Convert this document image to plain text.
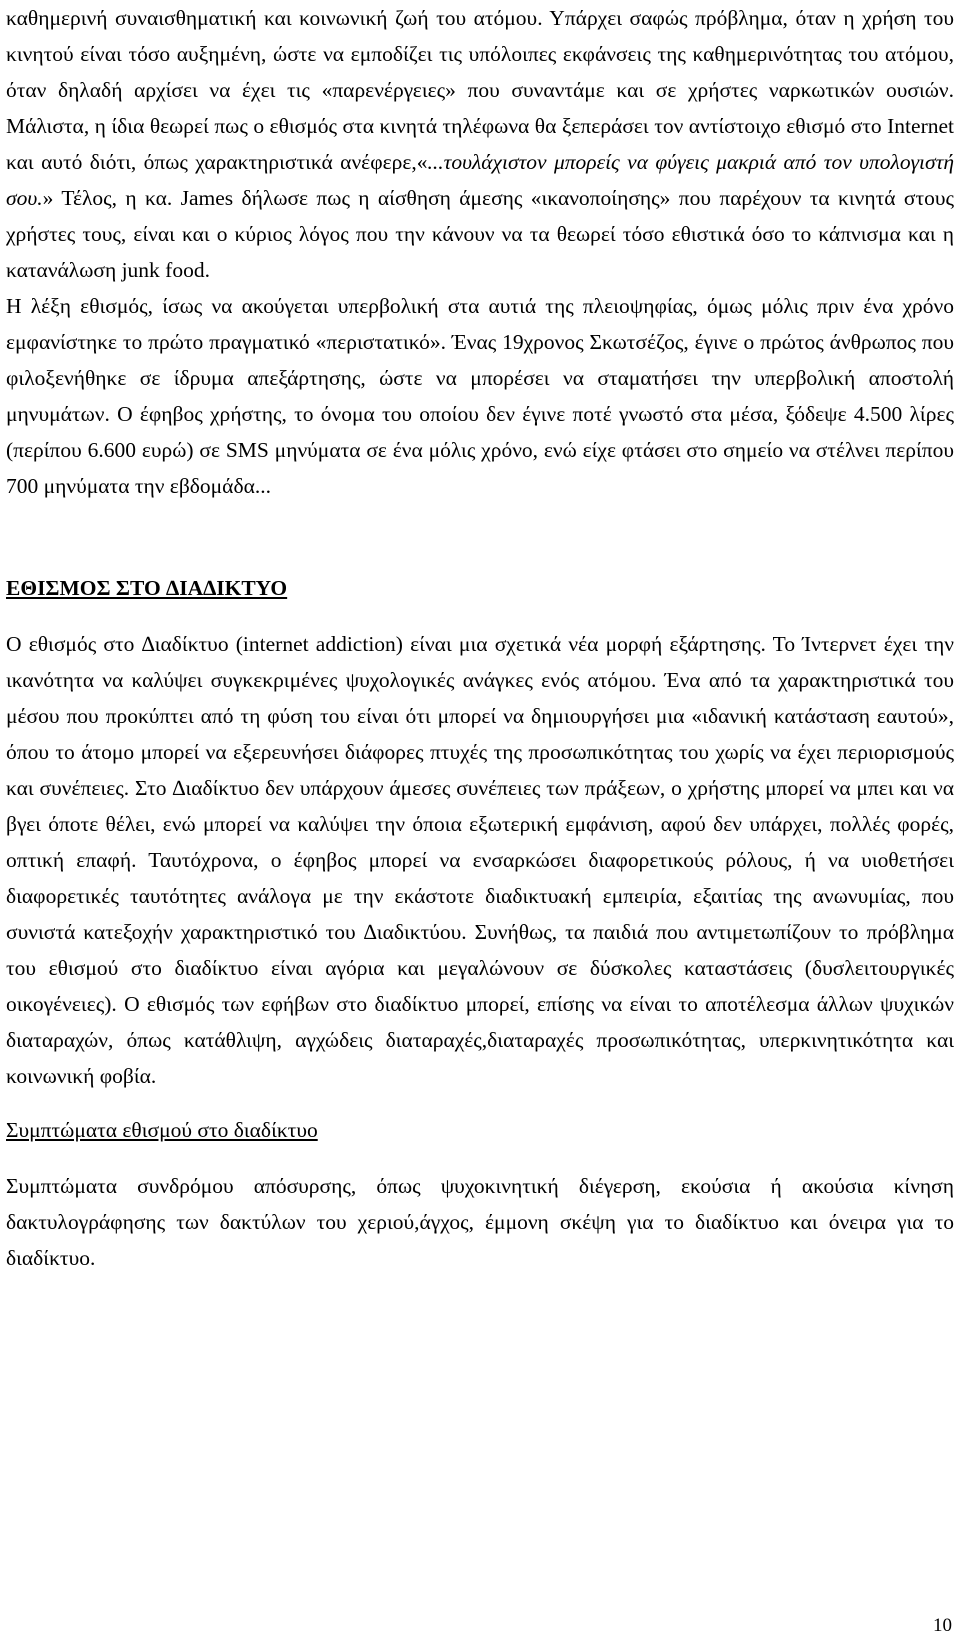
καθημερινή συναισθηματική και κοινωνική ζωή του ατόμου. Υπάρχει σαφώς πρόβλημα, όταν η χρήση του κινητού είναι τόσο αυξημένη, ώστε να εμποδίζει τις υπόλοιπες εκφάνσεις της καθημερινότητας του ατόμου, όταν δηλαδή αρχίσει να έχει τις «παρενέργειες» που συναντάμε και σε χρήστες ναρκωτικών ουσιών. Μάλιστα, η ίδια θεωρεί πως ο εθισμός στα κινητά τηλέφωνα θα ξεπεράσει τον αντίστοιχο εθισμό στο Internet και αυτό διότι, όπως χαρακτηριστικά ανέφερε,«...τουλάχιστον μπορείς να φύγεις μακριά από τον υπολογιστή σου.» Τέλος, η κα. James δήλωσε πως η αίσθηση άμεσης «ικανοποίησης» που παρέχουν τα κινητά στους χρήστες τους, είναι και ο κύριος λόγος που την κάνουν να τα θεωρεί τόσο εθιστικά όσο το κάπνισμα και η κατανάλωση junk food.

Η λέξη εθισμός, ίσως να ακούγεται υπερβολική στα αυτιά της πλειοψηφίας, όμως μόλις πριν ένα χρόνο εμφανίστηκε το πρώτο πραγματικό «περιστατικό». Ένας 19χρονος Σκωτσέζος, έγινε ο πρώτος άνθρωπος που φιλοξενήθηκε σε ίδρυμα απεξάρτησης, ώστε να μπορέσει να σταματήσει την υπερβολική αποστολή μηνυμάτων. Ο έφηβος χρήστης, το όνομα του οποίου δεν έγινε ποτέ γνωστό στα μέσα, ξόδεψε 4.500 λίρες (περίπου 6.600 ευρώ) σε SMS μηνύματα σε ένα μόλις χρόνο, ενώ είχε φτάσει στο σημείο να στέλνει περίπου 700 μηνύματα την εβδομάδα...

ΕΘΙΣΜΟΣ ΣΤΟ ∆ΙΑ∆ΙΚΤΥΟ

Ο εθισμός στο ∆ιαδίκτυο (internet addiction) είναι μια σχετικά νέα μορφή εξάρτησης. Το Ίντερνετ έχει την ικανότητα να καλύψει συγκεκριμένες ψυχολογικές ανάγκες ενός ατόμου. Ένα από τα χαρακτηριστικά του μέσου που προκύπτει από τη φύση του είναι ότι μπορεί να δημιουργήσει μια «ιδανική κατάσταση εαυτού», όπου το άτομο μπορεί να εξερευνήσει διάφορες πτυχές της προσωπικότητας του χωρίς να έχει περιορισμούς και συνέπειες. Στο ∆ιαδίκτυο δεν υπάρχουν άμεσες συνέπειες των πράξεων, ο χρήστης μπορεί να μπει και να βγει όποτε θέλει, ενώ μπορεί να καλύψει την όποια εξωτερική εμφάνιση, αφού δεν υπάρχει, πολλές φορές, οπτική επαφή. Ταυτόχρονα, ο έφηβος μπορεί να ενσαρκώσει διαφορετικούς ρόλους, ή να υιοθετήσει διαφορετικές ταυτότητες ανάλογα με την εκάστοτε διαδικτυακή εμπειρία, εξαιτίας της ανωνυμίας, που συνιστά κατεξοχήν χαρακτηριστικό του ∆ιαδικτύου. Συνήθως, τα παιδιά που αντιμετωπίζουν το πρόβλημα του εθισμού στο διαδίκτυο είναι αγόρια και μεγαλώνουν σε δύσκολες καταστάσεις (δυσλειτουργικές οικογένειες). Ο εθισμός των εφήβων στο διαδίκτυο μπορεί, επίσης να είναι το αποτέλεσμα άλλων ψυχικών διαταραχών, όπως κατάθλιψη, αγχώδεις διαταραχές,διαταραχές προσωπικότητας, υπερκινητικότητα και κοινωνική φοβία.

Συμπτώματα εθισμού στο διαδίκτυο

Συμπτώματα συνδρόμου απόσυρσης, όπως ψυχοκινητική διέγερση, εκούσια ή ακούσια κίνηση δακτυλογράφησης των δακτύλων του χεριού,άγχος, έμμονη σκέψη για το διαδίκτυο και όνειρα για το διαδίκτυο.

10
